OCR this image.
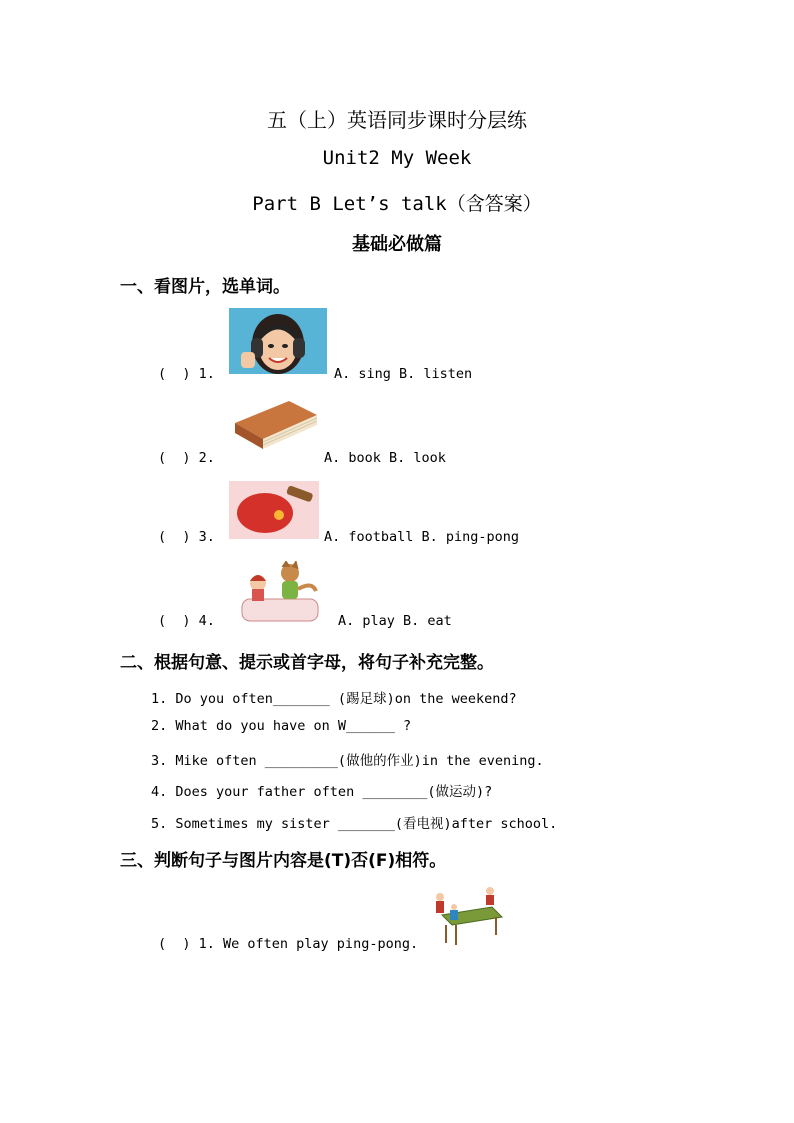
五（上）英语同步课时分层练
Unit2 My Week
Part B Let’s talk（含答案）
基础必做篇
一、看图片，选单词。
(  ) 1.	A. sing B. listen
(  ) 2.	A. book B. look
(  ) 3.	A. football B. ping-pong
(  ) 4.	A. play B. eat
二、根据句意、提示或首字母，将句子补充完整。
1. Do you often_______ (踢足球)on the weekend?
2. What do you have on W______ ?
3. Mike often _________(做他的作业)in the evening.
4. Does your father often ________(做运动)?
5. Sometimes my sister _______(看电视)after school.
三、判断句子与图片内容是(T)否(F)相符。
(  ) 1. We often play ping-pong.
